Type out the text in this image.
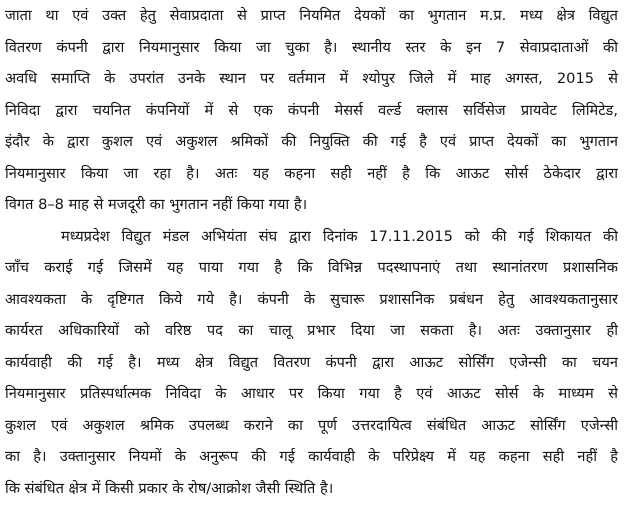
जाता था एवं उक्त हेतु सेवाप्रदाता से प्राप्त नियमित देयकों का भुगतान म.प्र. मध्य क्षेत्र विद्युत
वितरण कंपनी द्वारा नियमानुसार किया जा चुका है। स्थानीय स्तर के इन 7 सेवाप्रदाताओं की
अवधि समाप्ति के उपरांत उनके स्थान पर वर्तमान में श्योपुर जिले में माह अगस्त, 2015 से
निविदा द्वारा चयनित कंपनियों में से एक कंपनी मेसर्स वर्ल्ड क्लास सर्विसेज प्रायवेट लिमिटेड,
इंदौर के द्वारा कुशल एवं अकुशल श्रमिकों की नियुक्ति की गई है एवं प्राप्त देयकों का भुगतान
नियमानुसार किया जा रहा है। अतः यह कहना सही नहीं है कि आऊट सोर्स ठेकेदार द्वारा
विगत 8–8 माह से मजदूरी का भुगतान नहीं किया गया है।
मध्यप्रदेश विद्युत मंडल अभियंता संघ द्वारा दिनांक 17.11.2015 को की गई शिकायत की
जाँच कराई गई जिसमें यह पाया गया है कि विभिन्न पदस्थापनाएं तथा स्थानांतरण प्रशासनिक
आवश्यकता के दृष्टिगत किये गये है। कंपनी के सुचारू प्रशासनिक प्रबंधन हेतु आवश्यकतानुसार
कार्यरत अधिकारियों को वरिष्ठ पद का चालू प्रभार दिया जा सकता है। अतः उक्तानुसार ही
कार्यवाही की गई है। मध्य क्षेत्र विद्युत वितरण कंपनी द्वारा आऊट सोर्सिंग एजेन्सी का चयन
नियमानुसार प्रतिस्पर्धात्मक निविदा के आधार पर किया गया है एवं आऊट सोर्स के माध्यम से
कुशल एवं अकुशल श्रमिक उपलब्ध कराने का पूर्ण उत्तरदायित्व संबंधित आऊट सोर्सिंग एजेन्सी
का है। उक्तानुसार नियमों के अनुरूप की गई कार्यवाही के परिप्रेक्ष्य में यह कहना सही नहीं है
कि संबंधित क्षेत्र में किसी प्रकार के रोष/आक्रोश जैसी स्थिति है।
